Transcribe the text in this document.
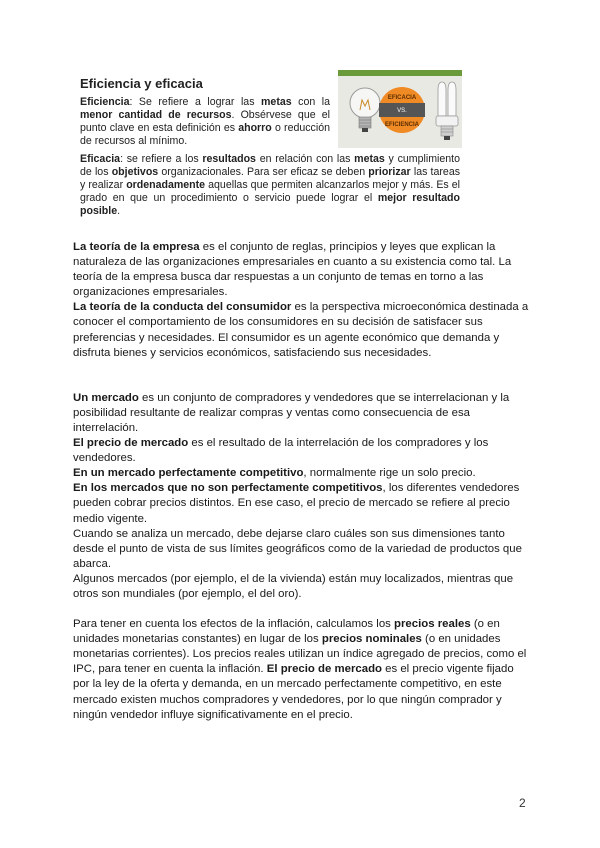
Eficiencia y eficacia
Eficiencia: Se refiere a lograr las metas con la menor cantidad de recursos. Obsérvese que el punto clave en esta definición es ahorro o reducción de recursos al mínimo.
EFICACIA
VS.
EFICIENCIA
Eficacia: se refiere a los resultados en relación con las metas y cumplimiento de los objetivos organizacionales. Para ser eficaz se deben priorizar las tareas y realizar ordenadamente aquellas que permiten alcanzarlos mejor y más. Es el grado en que un procedimiento o servicio puede lograr el mejor resultado posible.

La teoría de la empresa es el conjunto de reglas, principios y leyes que explican la naturaleza de las organizaciones empresariales en cuanto a su existencia como tal. La teoría de la empresa busca dar respuestas a un conjunto de temas en torno a las organizaciones empresariales.

La teoría de la conducta del consumidor es la perspectiva microeconómica destinada a conocer el comportamiento de los consumidores en su decisión de satisfacer sus preferencias y necesidades. El consumidor es un agente económico que demanda y disfruta bienes y servicios económicos, satisfaciendo sus necesidades.

Un mercado es un conjunto de compradores y vendedores que se interrelacionan y la posibilidad resultante de realizar compras y ventas como consecuencia de esa interrelación.

El precio de mercado es el resultado de la interrelación de los compradores y los vendedores.

En un mercado perfectamente competitivo, normalmente rige un solo precio.

En los mercados que no son perfectamente competitivos, los diferentes vendedores pueden cobrar precios distintos. En ese caso, el precio de mercado se refiere al precio medio vigente.

Cuando se analiza un mercado, debe dejarse claro cuáles son sus dimensiones tanto desde el punto de vista de sus límites geográficos como de la variedad de productos que abarca.

Algunos mercados (por ejemplo, el de la vivienda) están muy localizados, mientras que otros son mundiales (por ejemplo, el del oro).

Para tener en cuenta los efectos de la inflación, calculamos los precios reales (o en unidades monetarias constantes) en lugar de los precios nominales (o en unidades monetarias corrientes). Los precios reales utilizan un índice agregado de precios, como el IPC, para tener en cuenta la inflación. El precio de mercado es el precio vigente fijado por la ley de la oferta y demanda, en un mercado perfectamente competitivo, en este mercado existen muchos compradores y vendedores, por lo que ningún comprador y ningún vendedor influye significativamente en el precio.

2
